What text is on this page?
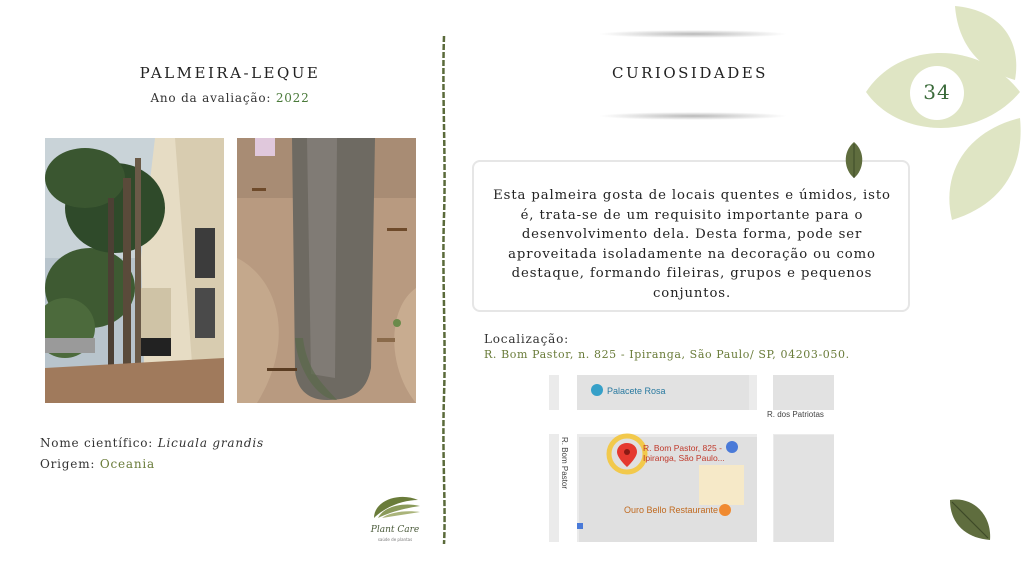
34
PALMEIRA-LEQUE
Ano da avaliação: 2022
Nome científico: Licuala grandis
Origem: Oceania
Plant Care
saúde de plantas
CURIOSIDADES
Esta palmeira gosta de locais quentes e úmidos, isto é, trata-se de um requisito importante para o desenvolvimento dela. Desta forma, pode ser aproveitada isoladamente na decoração ou como destaque, formando fileiras, grupos e pequenos conjuntos.
Localização:
R. Bom Pastor, n. 825 - Ipiranga, São Paulo/ SP, 04203-050.
Palacete Rosa
R. dos Patriotas
R. Bom Pastor	R. Bom Pastor, 825 -
Ipiranga, São Paulo...
Ouro Bello Restaurante
